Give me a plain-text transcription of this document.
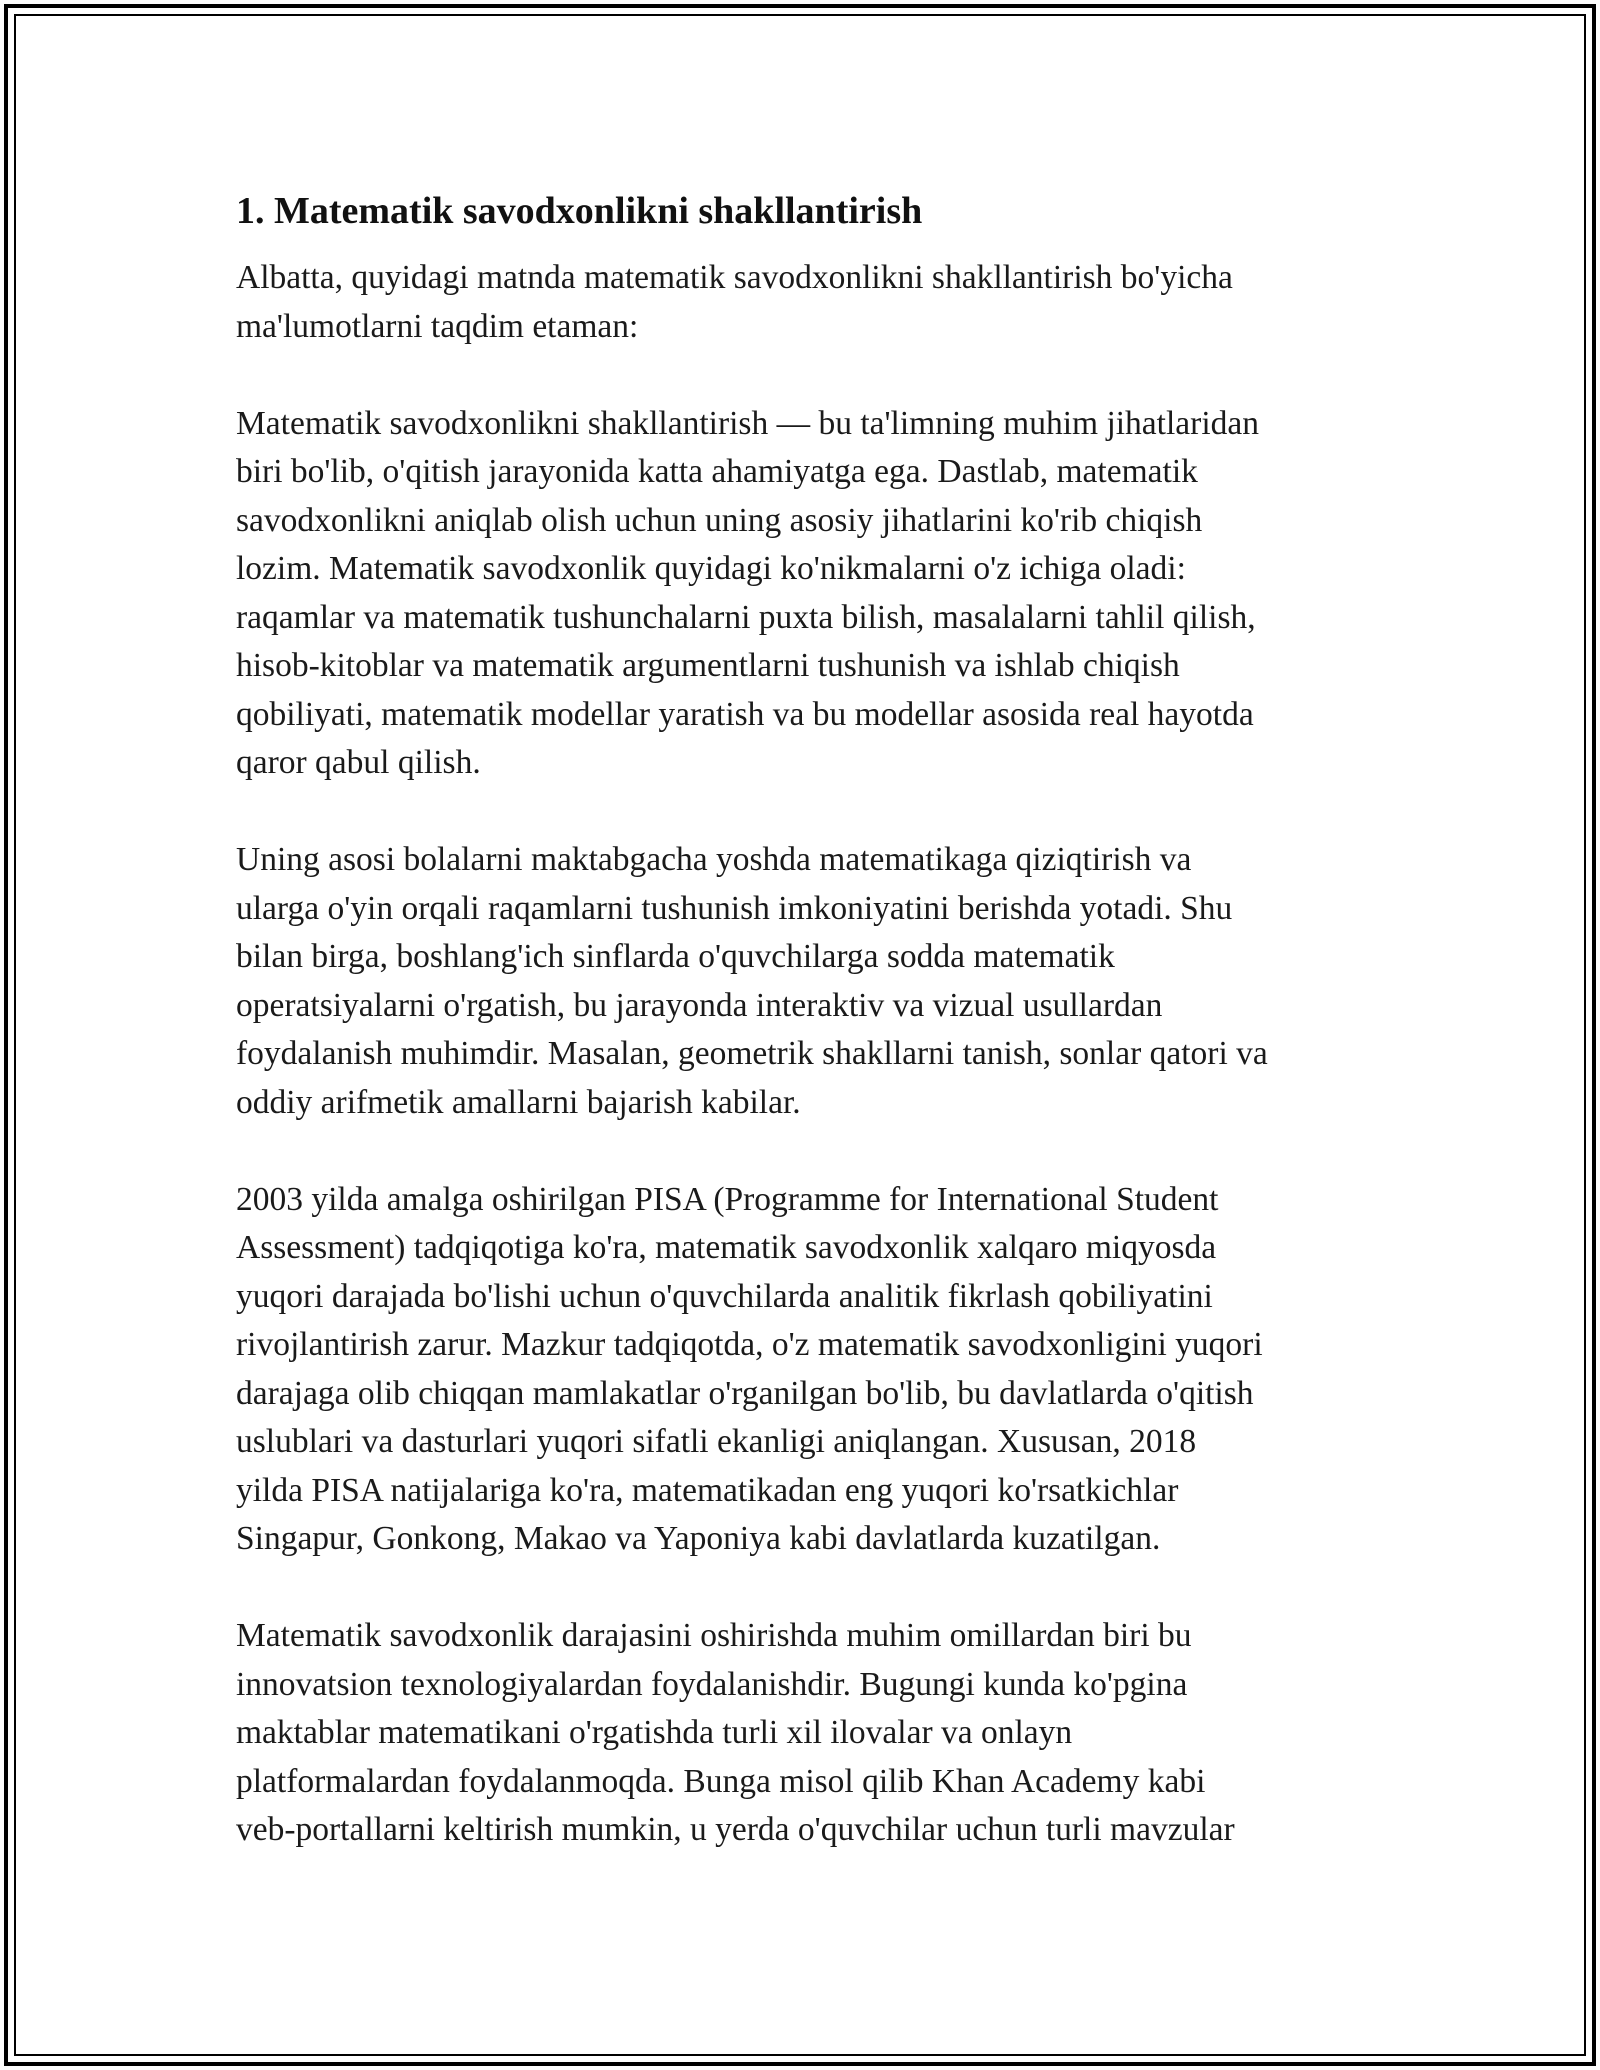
1. Matematik savodxonlikni shakllantirish

Albatta, quyidagi matnda matematik savodxonlikni shakllantirish bo'yicha
ma'lumotlarni taqdim etaman:

Matematik savodxonlikni shakllantirish — bu ta'limning muhim jihatlaridan
biri bo'lib, o'qitish jarayonida katta ahamiyatga ega. Dastlab, matematik
savodxonlikni aniqlab olish uchun uning asosiy jihatlarini ko'rib chiqish
lozim. Matematik savodxonlik quyidagi ko'nikmalarni o'z ichiga oladi:
raqamlar va matematik tushunchalarni puxta bilish, masalalarni tahlil qilish,
hisob-kitoblar va matematik argumentlarni tushunish va ishlab chiqish
qobiliyati, matematik modellar yaratish va bu modellar asosida real hayotda
qaror qabul qilish.

Uning asosi bolalarni maktabgacha yoshda matematikaga qiziqtirish va
ularga o'yin orqali raqamlarni tushunish imkoniyatini berishda yotadi. Shu
bilan birga, boshlang'ich sinflarda o'quvchilarga sodda matematik
operatsiyalarni o'rgatish, bu jarayonda interaktiv va vizual usullardan
foydalanish muhimdir. Masalan, geometrik shakllarni tanish, sonlar qatori va
oddiy arifmetik amallarni bajarish kabilar.

2003 yilda amalga oshirilgan PISA (Programme for International Student
Assessment) tadqiqotiga ko'ra, matematik savodxonlik xalqaro miqyosda
yuqori darajada bo'lishi uchun o'quvchilarda analitik fikrlash qobiliyatini
rivojlantirish zarur. Mazkur tadqiqotda, o'z matematik savodxonligini yuqori
darajaga olib chiqqan mamlakatlar o'rganilgan bo'lib, bu davlatlarda o'qitish
uslublari va dasturlari yuqori sifatli ekanligi aniqlangan. Xususan, 2018
yilda PISA natijalariga ko'ra, matematikadan eng yuqori ko'rsatkichlar
Singapur, Gonkong, Makao va Yaponiya kabi davlatlarda kuzatilgan.

Matematik savodxonlik darajasini oshirishda muhim omillardan biri bu
innovatsion texnologiyalardan foydalanishdir. Bugungi kunda ko'pgina
maktablar matematikani o'rgatishda turli xil ilovalar va onlayn
platformalardan foydalanmoqda. Bunga misol qilib Khan Academy kabi
veb-portallarni keltirish mumkin, u yerda o'quvchilar uchun turli mavzular
